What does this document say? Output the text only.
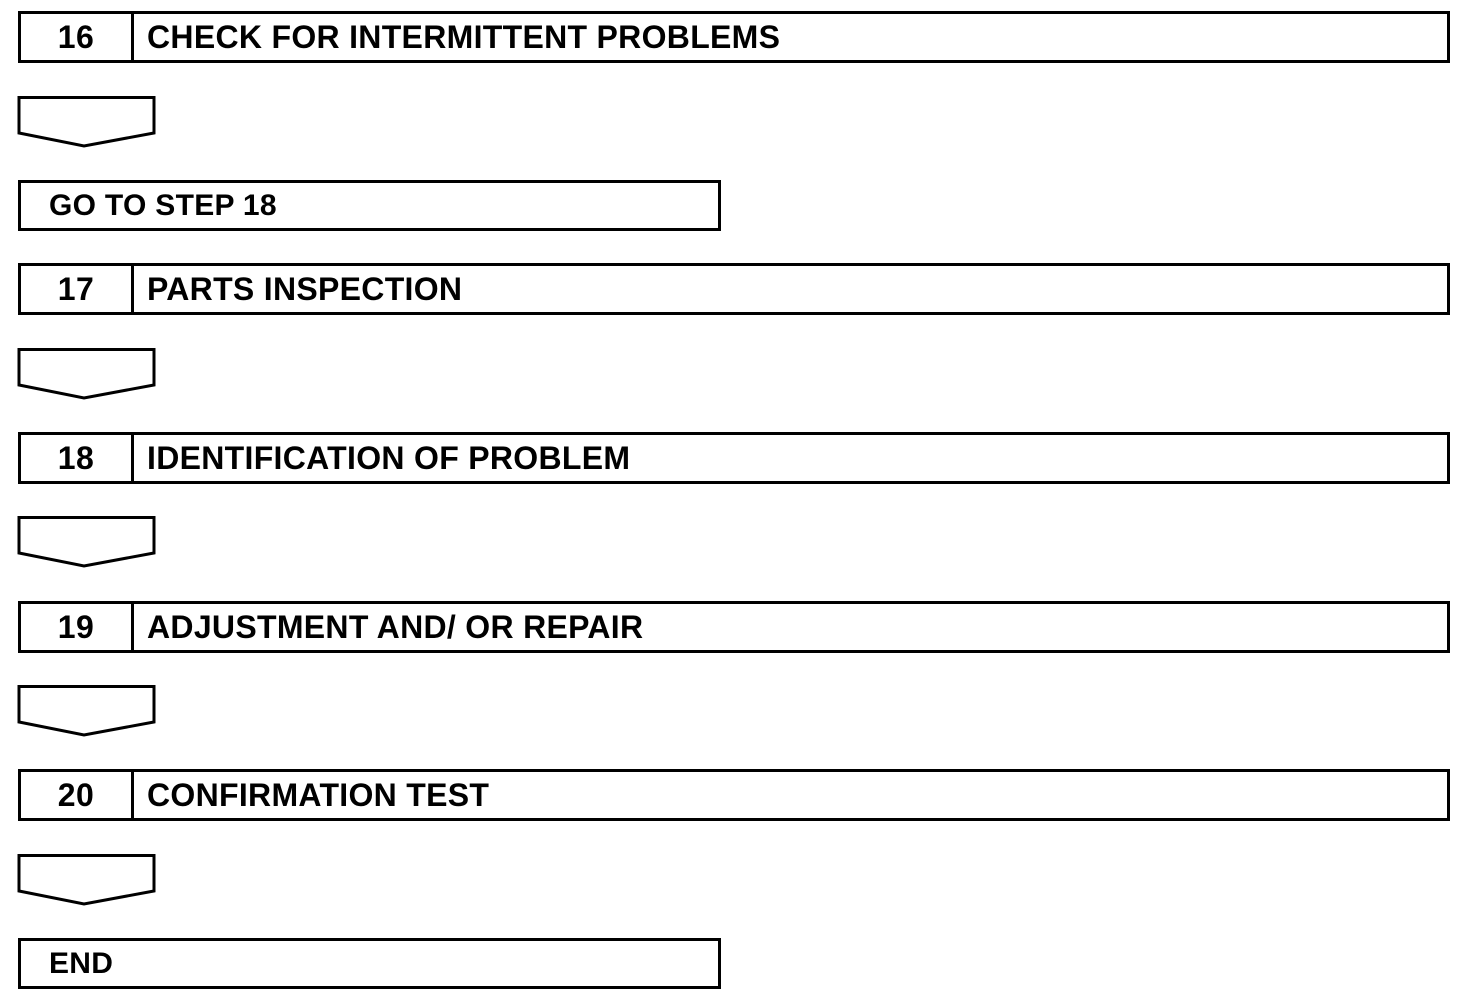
16	CHECK FOR INTERMITTENT PROBLEMS
GO TO STEP 18
17	PARTS INSPECTION
18	IDENTIFICATION OF PROBLEM
19	ADJUSTMENT AND/ OR REPAIR
20	CONFIRMATION TEST
END
